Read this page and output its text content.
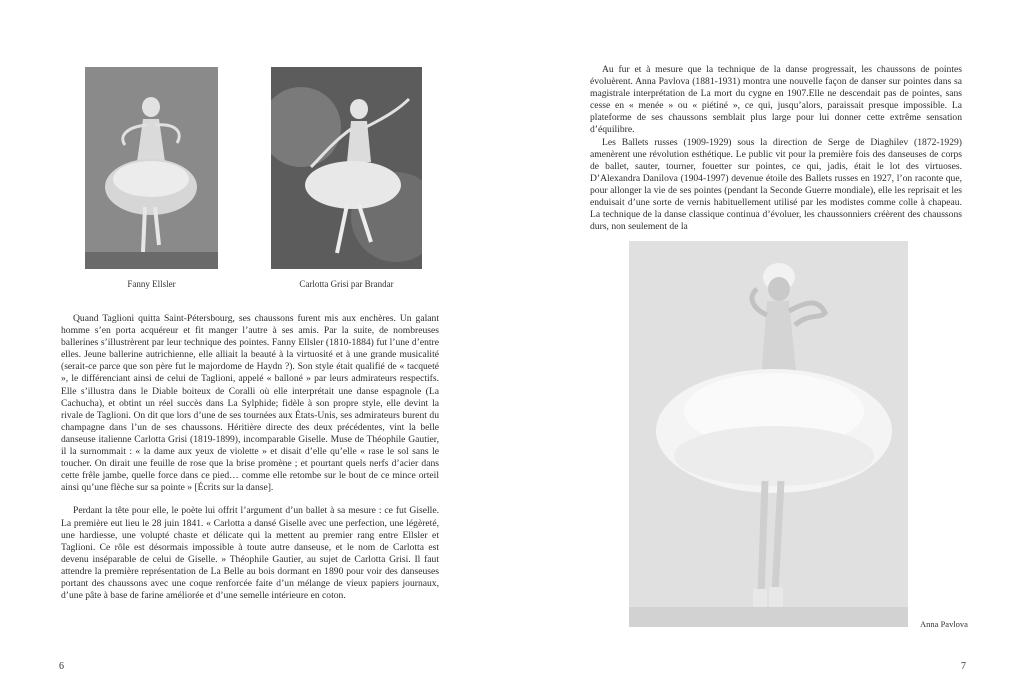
Fanny Ellsler	Carlotta Grisi par Brandar

Quand Taglioni quitta Saint-Pétersbourg, ses chaussons furent mis aux enchères. Un galant homme s’en porta acquéreur et fit manger l’autre à ses amis. Par la suite, de nombreuses ballerines s’illustrèrent par leur technique des pointes. Fanny Ellsler (1810-1884) fut l’une d’entre elles. Jeune ballerine autrichienne, elle alliait la beauté à la virtuosité et à une grande musicalité (serait-ce parce que son père fut le majordome de Haydn ?). Son style était qualifié de « tacqueté », le différenciant ainsi de celui de Taglioni, appelé « balloné » par leurs admirateurs respectifs. Elle s’illustra dans le Diable boiteux de Coralli où elle interprétait une danse espagnole (La Cachucha), et obtint un réel succès dans La Sylphide; fidèle à son propre style, elle devint la rivale de Taglioni. On dit que lors d’une de ses tournées aux États-Unis, ses admirateurs burent du champagne dans l’un de ses chaussons. Héritière directe des deux précédentes, vint la belle danseuse italienne Carlotta Grisi (1819-1899), incomparable Giselle. Muse de Théophile Gautier, il la surnommait : « la dame aux yeux de violette » et disait d’elle qu’elle « rase le sol sans le toucher. On dirait une feuille de rose que la brise promène ; et pourtant quels nerfs d’acier dans cette frêle jambe, quelle force dans ce pied… comme elle retombe sur le bout de ce mince orteil ainsi qu’une flèche sur sa pointe » [Écrits sur la danse].

Perdant la tête pour elle, le poète lui offrit l’argument d’un ballet à sa mesure : ce fut Giselle. La première eut lieu le 28 juin 1841. « Carlotta a dansé Giselle avec une perfection, une légèreté, une hardiesse, une volupté chaste et délicate qui la mettent au premier rang entre Ellsler et Taglioni. Ce rôle est désormais impossible à toute autre danseuse, et le nom de Carlotta est devenu inséparable de celui de Giselle. » Théophile Gautier, au sujet de Carlotta Grisi. Il faut attendre la première représentation de La Belle au bois dormant en 1890 pour voir des danseuses portant des chaussons avec une coque renforcée faite d’un mélange de vieux papiers journaux, d’une pâte à base de farine améliorée et d’une semelle intérieure en coton.

6

Au fur et à mesure que la technique de la danse progressait, les chaussons de pointes évoluèrent. Anna Pavlova (1881-1931) montra une nouvelle façon de danser sur pointes dans sa magistrale interprétation de La mort du cygne en 1907.Elle ne descendait pas de pointes, sans cesse en « menée » ou « piétiné », ce qui, jusqu’alors, paraissait presque impossible. La plateforme de ses chaussons semblait plus large pour lui donner cette extrême sensation d’équilibre.

Les Ballets russes (1909-1929) sous la direction de Serge de Diaghilev (1872-1929) amenèrent une révolution esthétique. Le public vit pour la première fois des danseuses de corps de ballet, sauter, tourner, fouetter sur pointes, ce qui, jadis, était le lot des virtuoses. D’Alexandra Danilova (1904-1997) devenue étoile des Ballets russes en 1927, l’on raconte que, pour allonger la vie de ses pointes (pendant la Seconde Guerre mondiale), elle les reprisait et les enduisait d’une sorte de vernis habituellement utilisé par les modistes comme colle à chapeau. La technique de la danse classique continua d’évoluer, les chaussonniers créèrent des chaussons durs, non seulement de la

Anna Pavlova
7
